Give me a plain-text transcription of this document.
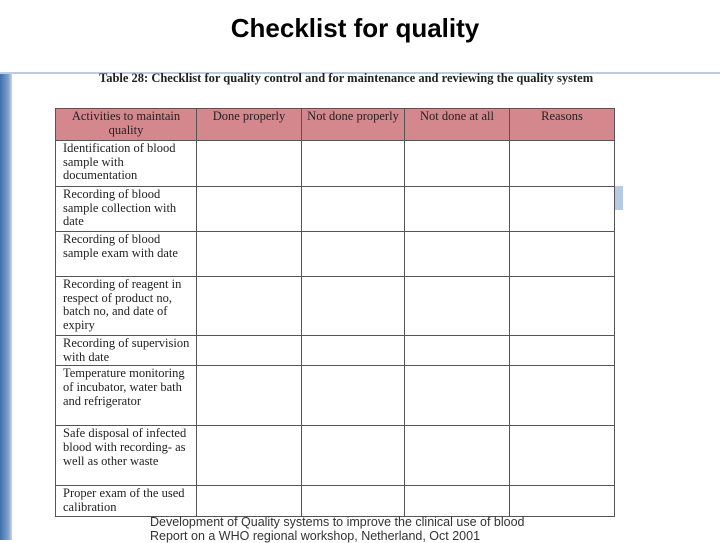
Checklist for quality
Table 28: Checklist for quality control and for maintenance and reviewing the quality system
Activities to maintain quality	Done properly	Not done properly	Not done at all	Reasons
Identification of blood sample with documentation				
Recording of blood sample collection with date				
Recording of blood sample exam with date				
Recording of reagent in respect of product no, batch no, and date of expiry				
Recording of supervision with date				
Temperature monitoring of incubator, water bath and refrigerator				
Safe disposal of infected blood with recording- as well as other waste				
Proper exam of the used calibration				
Development of Quality systems to improve the clinical use of blood
Report on a WHO regional workshop, Netherland, Oct 2001
